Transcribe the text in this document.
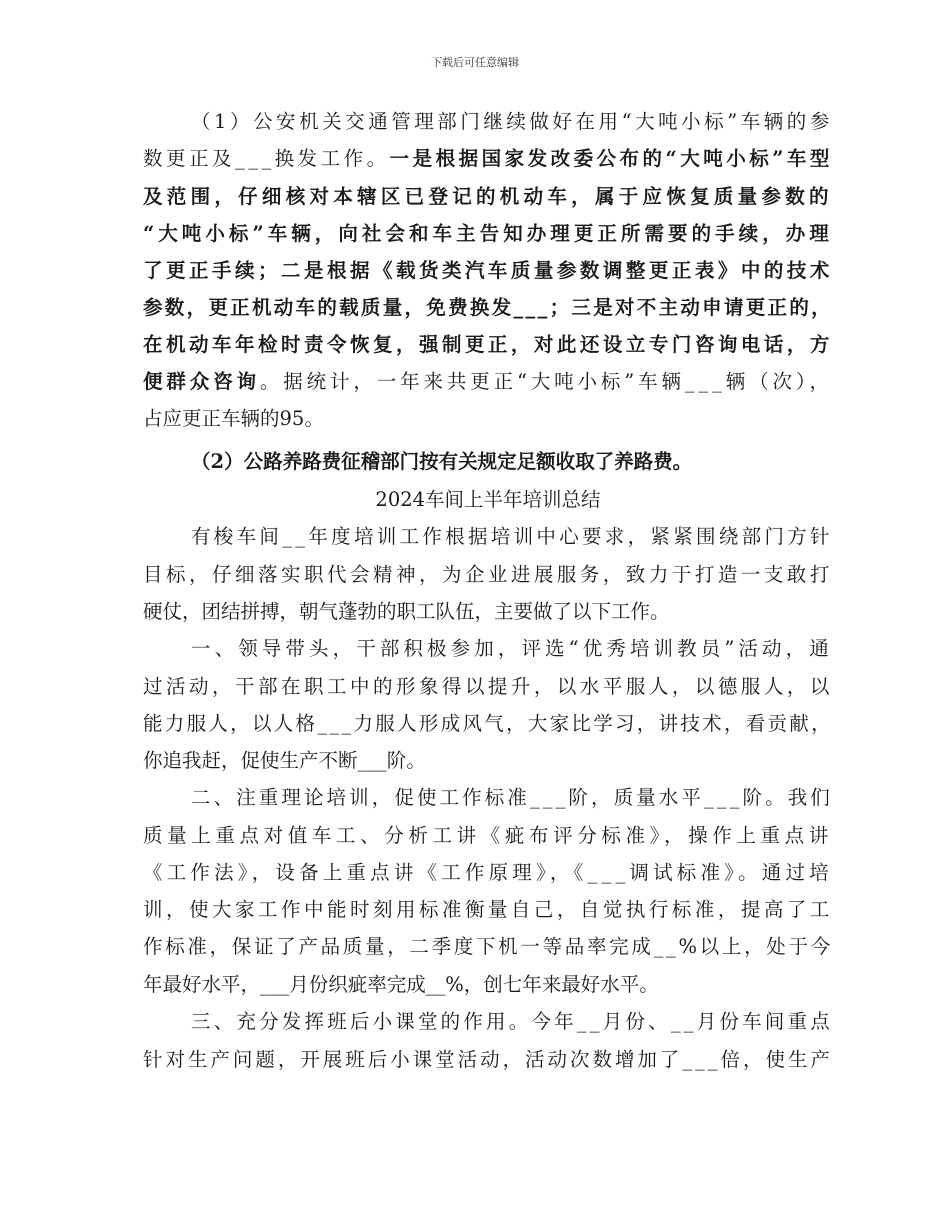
下载后可任意编辑
（1）公安机关交通管理部门继续做好在用“大吨小标”车辆的参
数更正及___换发工作。一是根据国家发改委公布的“大吨小标”车型
及范围，仔细核对本辖区已登记的机动车，属于应恢复质量参数的
“大吨小标”车辆，向社会和车主告知办理更正所需要的手续，办理
了更正手续；二是根据《载货类汽车质量参数调整更正表》中的技术
参数，更正机动车的载质量，免费换发___；三是对不主动申请更正的，
在机动车年检时责令恢复，强制更正，对此还设立专门咨询电话，方
便群众咨询。据统计，一年来共更正“大吨小标”车辆___辆（次），
占应更正车辆的95。
（2）公路养路费征稽部门按有关规定足额收取了养路费。
2024车间上半年培训总结
有梭车间__年度培训工作根据培训中心要求，紧紧围绕部门方针
目标，仔细落实职代会精神，为企业进展服务，致力于打造一支敢打
硬仗，团结拼搏，朝气蓬勃的职工队伍，主要做了以下工作。
一、领导带头，干部积极参加，评选“优秀培训教员”活动，通
过活动，干部在职工中的形象得以提升，以水平服人，以德服人，以
能力服人，以人格___力服人形成风气，大家比学习，讲技术，看贡献，
你追我赶，促使生产不断___阶。
二、注重理论培训，促使工作标准___阶，质量水平___阶。我们
质量上重点对值车工、分析工讲《疵布评分标准》，操作上重点讲
《工作法》，设备上重点讲《工作原理》，《___调试标准》。通过培
训，使大家工作中能时刻用标准衡量自己，自觉执行标准，提高了工
作标准，保证了产品质量，二季度下机一等品率完成__%以上，处于今
年最好水平，___月份织疵率完成__%，创七年来最好水平。
三、充分发挥班后小课堂的作用。今年__月份、__月份车间重点
针对生产问题，开展班后小课堂活动，活动次数增加了___倍，使生产
